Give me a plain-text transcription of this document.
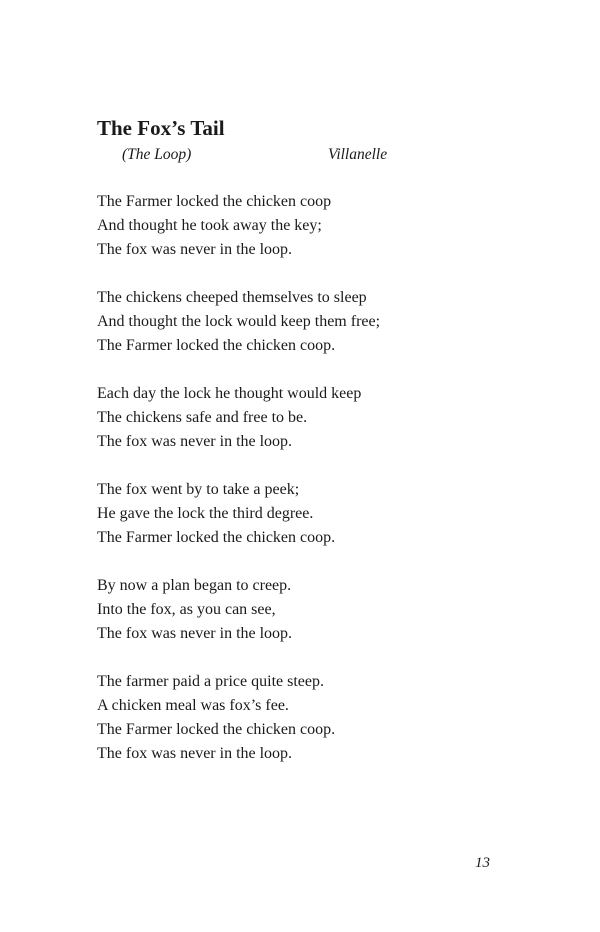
The Fox’s Tail
(The Loop)	Villanelle
The Farmer locked the chicken coop
And thought he took away the key;
The fox was never in the loop.
The chickens cheeped themselves to sleep
And thought the lock would keep them free;
The Farmer locked the chicken coop.
Each day the lock he thought would keep
The chickens safe and free to be.
The fox was never in the loop.
The fox went by to take a peek;
He gave the lock the third degree.
The Farmer locked the chicken coop.
By now a plan began to creep.
Into the fox, as you can see,
The fox was never in the loop.
The farmer paid a price quite steep.
A chicken meal was fox’s fee.
The Farmer locked the chicken coop.
The fox was never in the loop.
13
